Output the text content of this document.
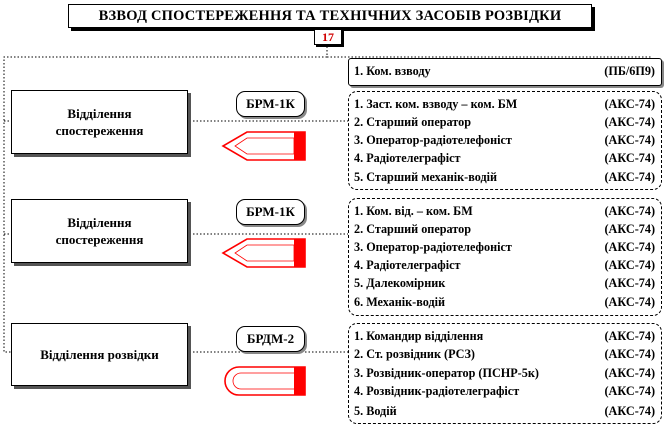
ВЗВОД СПОСТЕРЕЖЕННЯ ТА ТЕХНІЧНИХ ЗАСОБІВ РОЗВІДКИ
17
1. Ком. взводу	(ПБ/6П9)
Відділення
спостереження
БРМ-1К	1. Заст. ком. взводу – ком. БМ	(АКС-74)
2. Старший оператор	(АКС-74)
3. Оператор-радіотелефоніст	(АКС-74)
4. Радіотелеграфіст	(АКС-74)
5. Старший механік-водій	(АКС-74)
Відділення
спостереження
БРМ-1К	1. Ком. від. – ком. БМ	(АКС-74)
2. Старший оператор	(АКС-74)
3. Оператор-радіотелефоніст	(АКС-74)
4. Радіотелеграфіст	(АКС-74)
5. Далекомірник	(АКС-74)
6. Механік-водій	(АКС-74)
Відділення розвідки
БРДМ-2	1. Командир відділення	(АКС-74)
2. Ст. розвідник (РСЗ)	(АКС-74)
3. Розвідник-оператор (ПСНР-5к)	(АКС-74)
4. Розвідник-радіотелеграфіст	(АКС-74)
5. Водій	(АКС-74)
